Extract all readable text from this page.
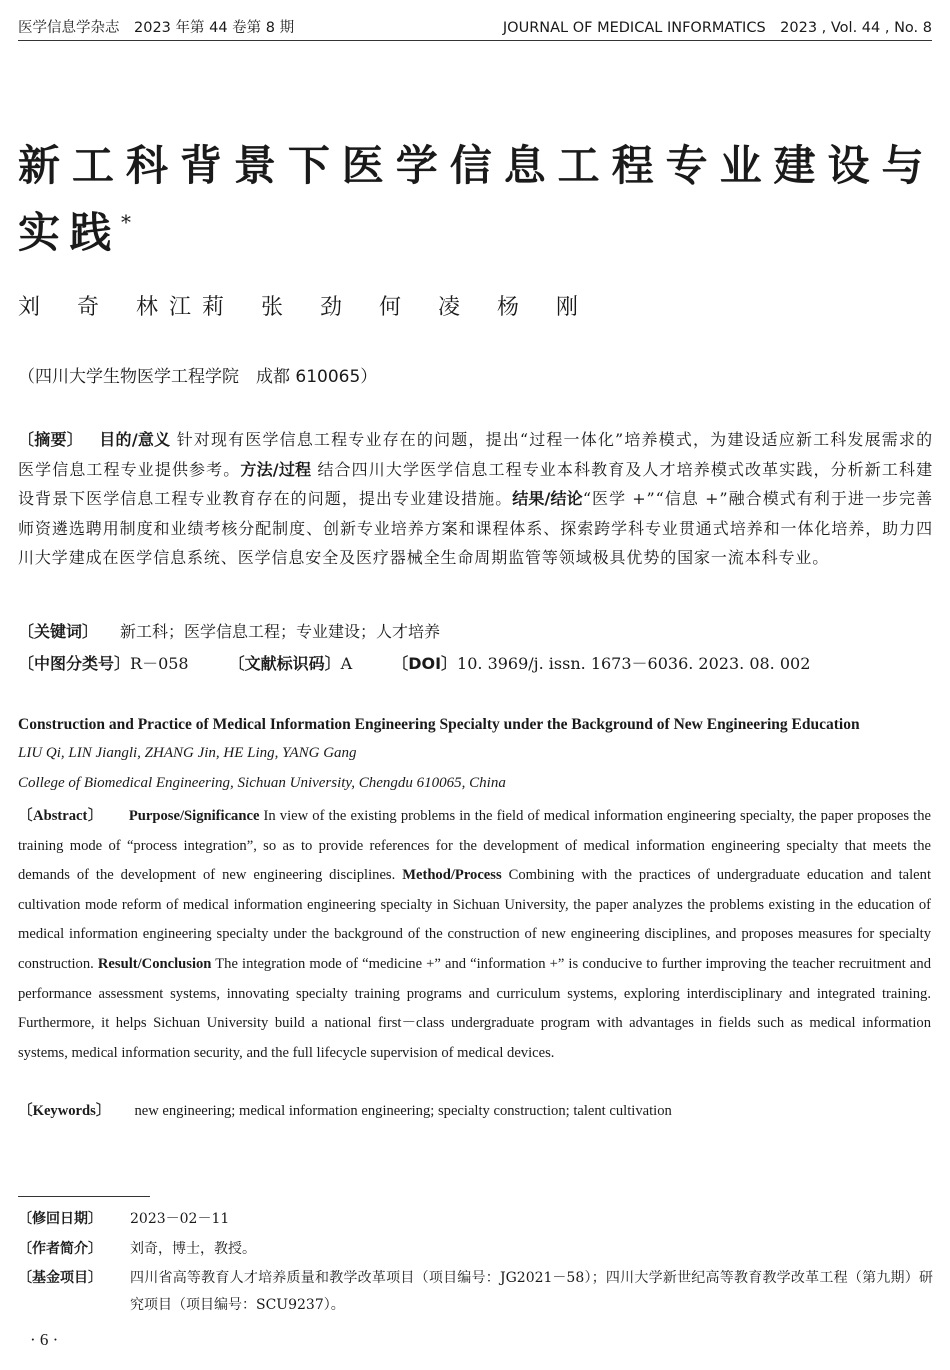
医学信息学杂志　2023 年第 44 卷第 8 期	JOURNAL OF MEDICAL INFORMATICS　2023 , Vol. 44 , No. 8
新工科背景下医学信息工程专业建设与实践*
刘 奇 林江莉 张 劲 何 凌 杨 刚
（四川大学生物医学工程学院　成都 610065）
〔摘要〕 目的/意义 针对现有医学信息工程专业存在的问题，提出“过程一体化”培养模式，为建设适应新工科发展需求的医学信息工程专业提供参考。方法/过程 结合四川大学医学信息工程专业本科教育及人才培养模式改革实践，分析新工科建设背景下医学信息工程专业教育存在的问题，提出专业建设措施。结果/结论“医学 +”“信息 +”融合模式有利于进一步完善师资遴选聘用制度和业绩考核分配制度、创新专业培养方案和课程体系、探索跨学科专业贯通式培养和一体化培养，助力四川大学建成在医学信息系统、医学信息安全及医疗器械全生命周期监管等领域极具优势的国家一流本科专业。
〔关键词〕 新工科；医学信息工程；专业建设；人才培养
〔中图分类号〕R－058	〔文献标识码〕A	〔DOI〕10. 3969/j. issn. 1673－6036. 2023. 08. 002
Construction and Practice of Medical Information Engineering Specialty under the Background of New Engineering Education
LIU Qi, LIN Jiangli, ZHANG Jin, HE Ling, YANG Gang
College of Biomedical Engineering, Sichuan University, Chengdu 610065, China
〔Abstract〕 Purpose/Significance In view of the existing problems in the field of medical information engineering specialty, the paper proposes the training mode of “process integration”, so as to provide references for the development of medical information engineering specialty that meets the demands of the development of new engineering disciplines. Method/Process Combining with the practices of undergraduate education and talent cultivation mode reform of medical information engineering specialty in Sichuan University, the paper analyzes the problems existing in the education of medical information engineering specialty under the background of the construction of new engineering disciplines, and proposes measures for specialty construction. Result/Conclusion The integration mode of “medicine +” and “information +” is conducive to further improving the teacher recruitment and performance assessment systems, innovating specialty training programs and curriculum systems, exploring interdisciplinary and integrated training. Furthermore, it helps Sichuan University build a national first－class undergraduate program with advantages in fields such as medical information systems, medical information security, and the full lifecycle supervision of medical devices.
〔Keywords〕 new engineering; medical information engineering; specialty construction; talent cultivation
〔修回日期〕 2023－02－11
〔作者简介〕 刘奇，博士，教授。
〔基金项目〕 四川省高等教育人才培养质量和教学改革项目（项目编号：JG2021－58）；四川大学新世纪高等教育教学改革工程（第九期）研究项目（项目编号：SCU9237）。
· 6 ·
